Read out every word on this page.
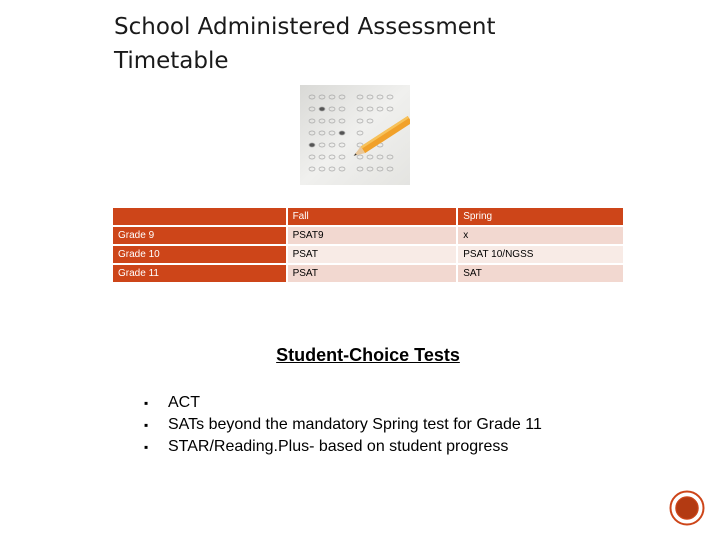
School Administered Assessment Timetable
	Fall	Spring
Grade 9	PSAT9	x
Grade 10	PSAT	PSAT 10/NGSS
Grade 11	PSAT	SAT
Student-Choice Tests
▪ ACT
▪ SATs beyond the mandatory Spring test for Grade 11
▪ STAR/Reading.Plus- based on student progress
